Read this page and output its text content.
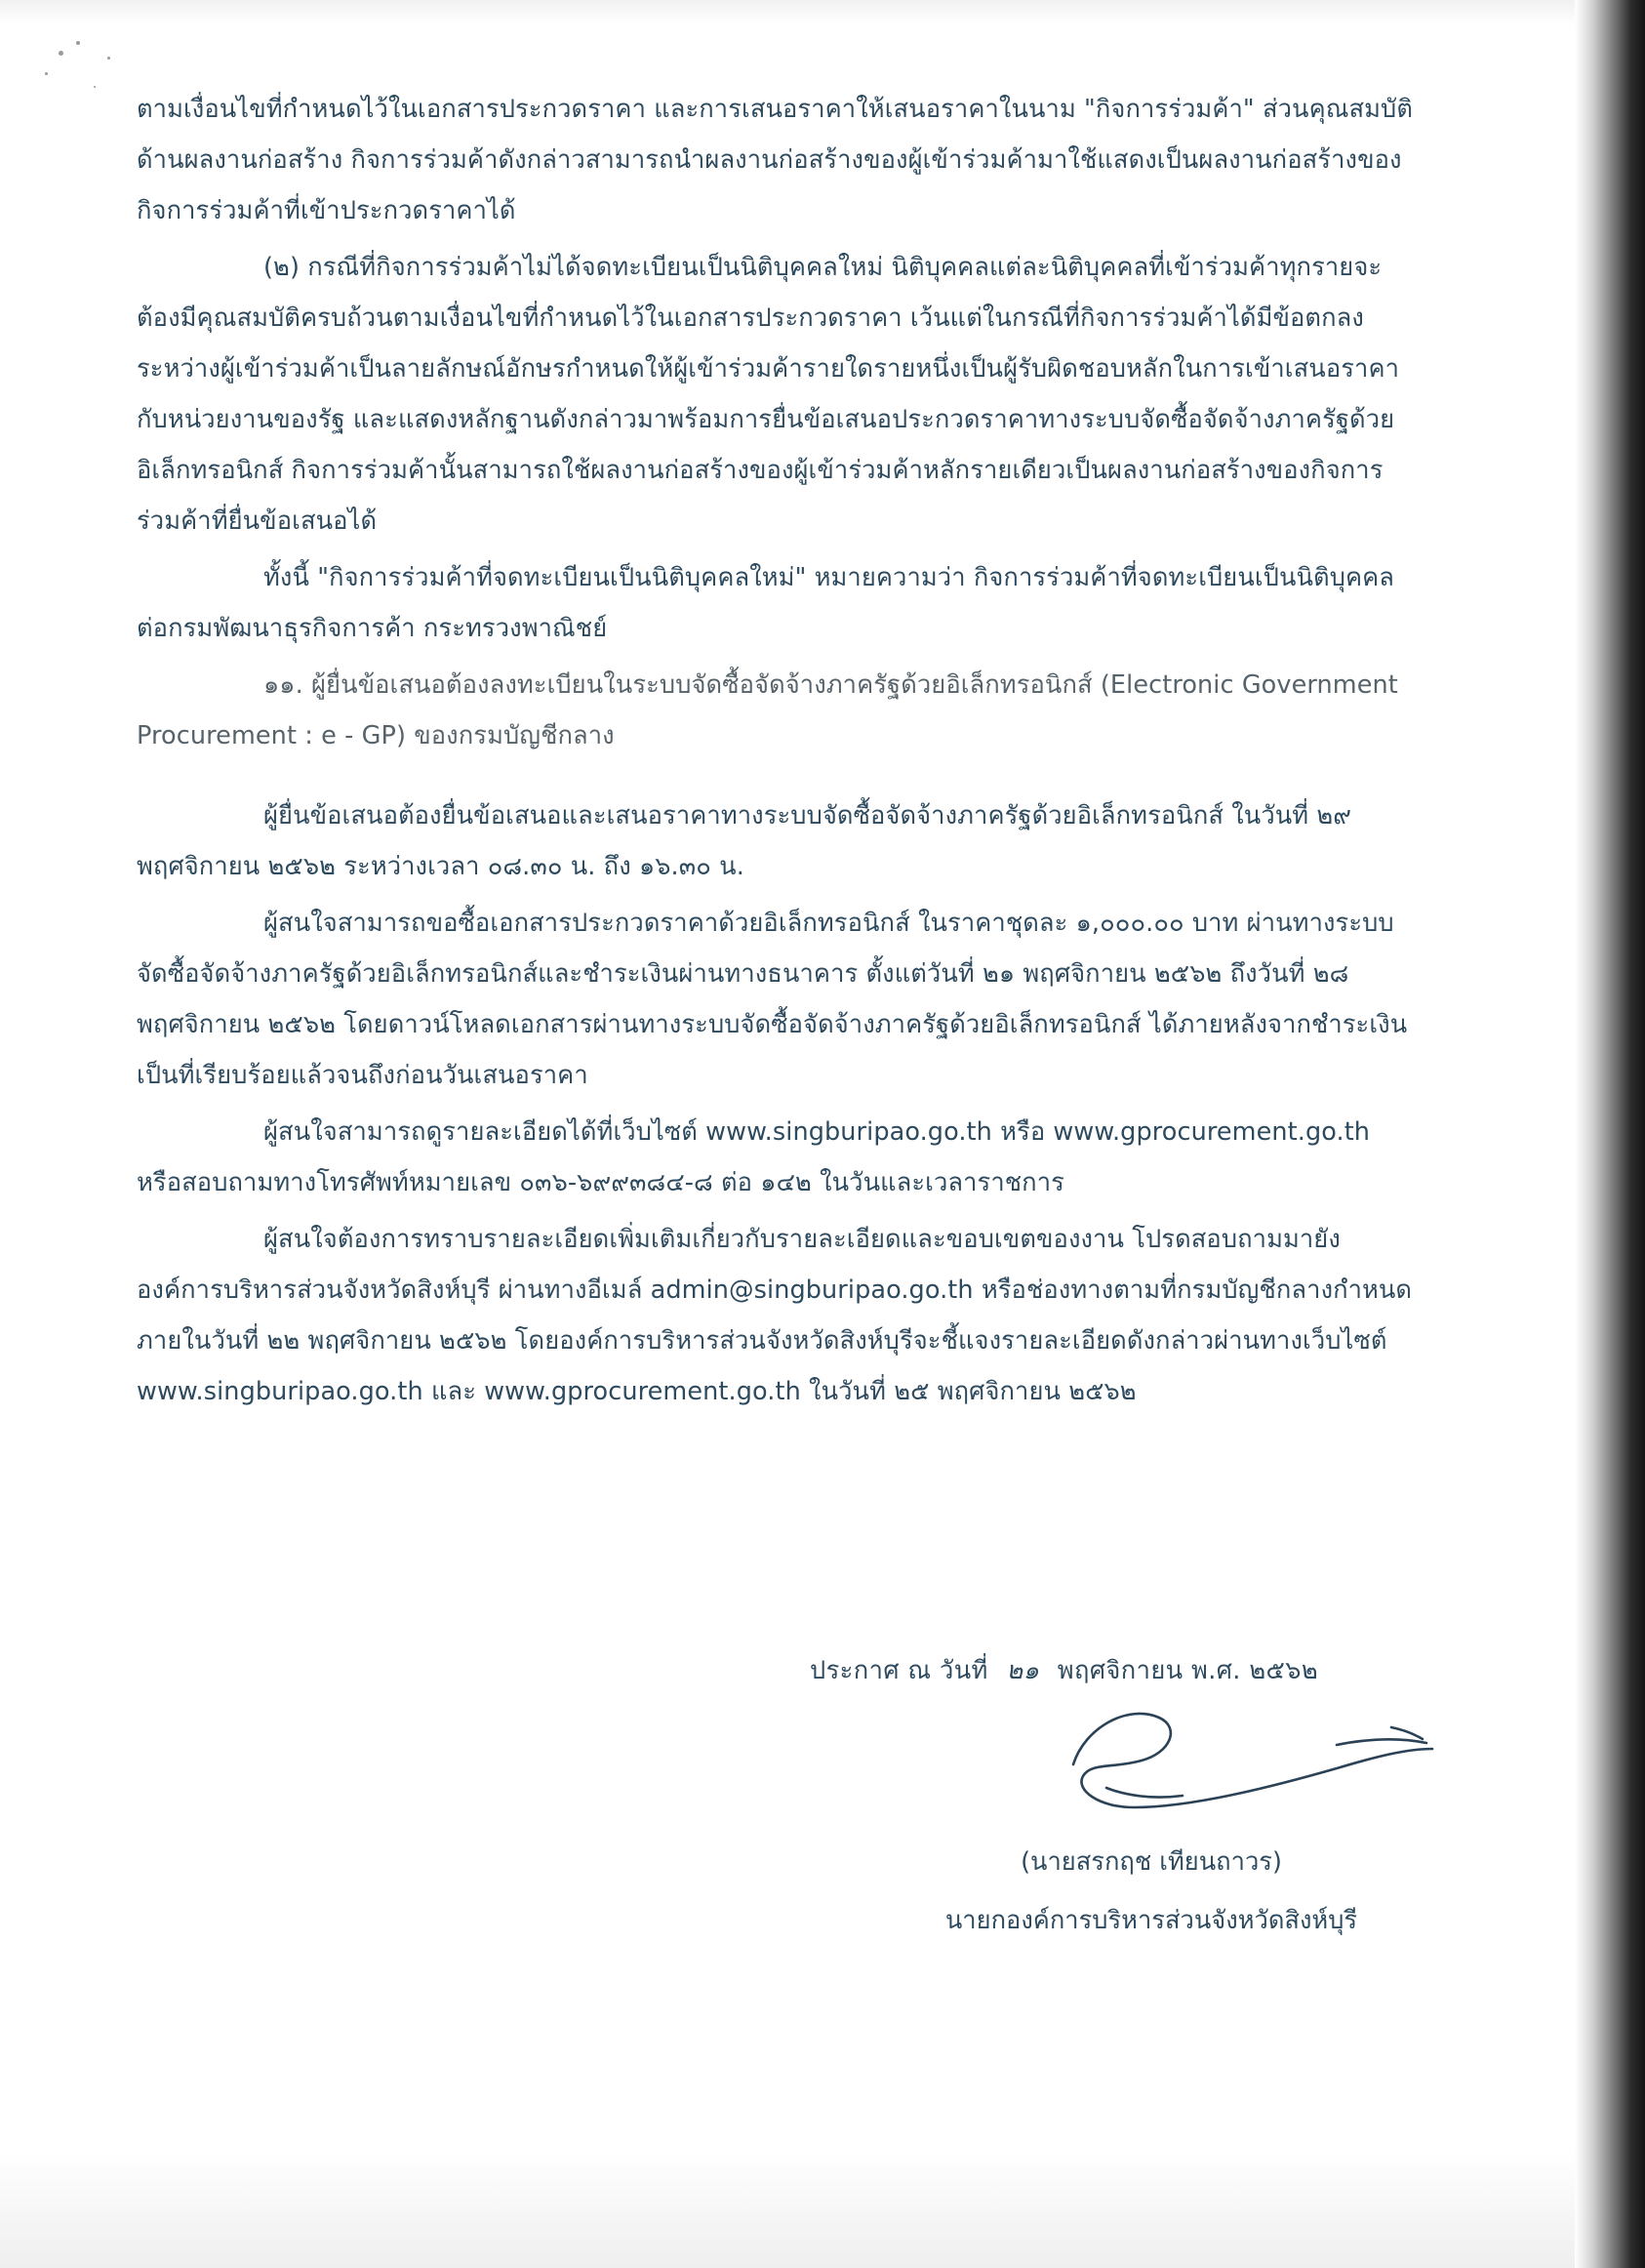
ตามเงื่อนไขที่กำหนดไว้ในเอกสารประกวดราคา และการเสนอราคาให้เสนอราคาในนาม "กิจการร่วมค้า" ส่วนคุณสมบัติด้านผลงานก่อสร้าง กิจการร่วมค้าดังกล่าวสามารถนำผลงานก่อสร้างของผู้เข้าร่วมค้ามาใช้แสดงเป็นผลงานก่อสร้างของกิจการร่วมค้าที่เข้าประกวดราคาได้

(๒) กรณีที่กิจการร่วมค้าไม่ได้จดทะเบียนเป็นนิติบุคคลใหม่ นิติบุคคลแต่ละนิติบุคคลที่เข้าร่วมค้าทุกรายจะต้องมีคุณสมบัติครบถ้วนตามเงื่อนไขที่กำหนดไว้ในเอกสารประกวดราคา เว้นแต่ในกรณีที่กิจการร่วมค้าได้มีข้อตกลงระหว่างผู้เข้าร่วมค้าเป็นลายลักษณ์อักษรกำหนดให้ผู้เข้าร่วมค้ารายใดรายหนึ่งเป็นผู้รับผิดชอบหลักในการเข้าเสนอราคากับหน่วยงานของรัฐ และแสดงหลักฐานดังกล่าวมาพร้อมการยื่นข้อเสนอประกวดราคาทางระบบจัดซื้อจัดจ้างภาครัฐด้วยอิเล็กทรอนิกส์ กิจการร่วมค้านั้นสามารถใช้ผลงานก่อสร้างของผู้เข้าร่วมค้าหลักรายเดียวเป็นผลงานก่อสร้างของกิจการร่วมค้าที่ยื่นข้อเสนอได้

ทั้งนี้ "กิจการร่วมค้าที่จดทะเบียนเป็นนิติบุคคลใหม่" หมายความว่า กิจการร่วมค้าที่จดทะเบียนเป็นนิติบุคคลต่อกรมพัฒนาธุรกิจการค้า กระทรวงพาณิชย์

๑๑. ผู้ยื่นข้อเสนอต้องลงทะเบียนในระบบจัดซื้อจัดจ้างภาครัฐด้วยอิเล็กทรอนิกส์ (Electronic Government Procurement : e - GP) ของกรมบัญชีกลาง

ผู้ยื่นข้อเสนอต้องยื่นข้อเสนอและเสนอราคาทางระบบจัดซื้อจัดจ้างภาครัฐด้วยอิเล็กทรอนิกส์ ในวันที่ ๒๙ พฤศจิกายน ๒๕๖๒ ระหว่างเวลา ๐๘.๓๐ น. ถึง ๑๖.๓๐ น.

ผู้สนใจสามารถขอซื้อเอกสารประกวดราคาด้วยอิเล็กทรอนิกส์ ในราคาชุดละ ๑,๐๐๐.๐๐ บาท ผ่านทางระบบจัดซื้อจัดจ้างภาครัฐด้วยอิเล็กทรอนิกส์และชำระเงินผ่านทางธนาคาร ตั้งแต่วันที่ ๒๑ พฤศจิกายน ๒๕๖๒ ถึงวันที่ ๒๘ พฤศจิกายน ๒๕๖๒ โดยดาวน์โหลดเอกสารผ่านทางระบบจัดซื้อจัดจ้างภาครัฐด้วยอิเล็กทรอนิกส์ ได้ภายหลังจากชำระเงินเป็นที่เรียบร้อยแล้วจนถึงก่อนวันเสนอราคา

ผู้สนใจสามารถดูรายละเอียดได้ที่เว็บไซต์ www.singburipao.go.th หรือ www.gprocurement.go.th หรือสอบถามทางโทรศัพท์หมายเลข ๐๓๖-๖๙๙๓๘๔-๘ ต่อ ๑๔๒ ในวันและเวลาราชการ

ผู้สนใจต้องการทราบรายละเอียดเพิ่มเติมเกี่ยวกับรายละเอียดและขอบเขตของงาน โปรดสอบถามมายังองค์การบริหารส่วนจังหวัดสิงห์บุรี ผ่านทางอีเมล์ admin@singburipao.go.th หรือช่องทางตามที่กรมบัญชีกลางกำหนดภายในวันที่ ๒๒ พฤศจิกายน ๒๕๖๒ โดยองค์การบริหารส่วนจังหวัดสิงห์บุรีจะชี้แจงรายละเอียดดังกล่าวผ่านทางเว็บไซต์ www.singburipao.go.th และ www.gprocurement.go.th ในวันที่ ๒๕ พฤศจิกายน ๒๕๖๒

ประกาศ ณ วันที่ ๒๑ พฤศจิกายน พ.ศ. ๒๕๖๒
(นายสรกฤช เทียนถาวร)
นายกองค์การบริหารส่วนจังหวัดสิงห์บุรี
